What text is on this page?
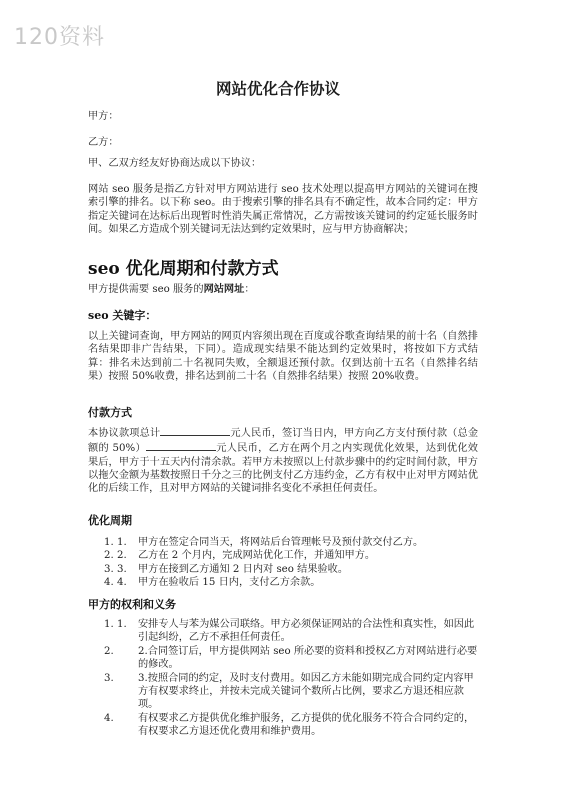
120资料
网站优化合作协议
甲方：
乙方：
甲、乙双方经友好协商达成以下协议：
网站 seo 服务是指乙方针对甲方网站进行 seo 技术处理以提高甲方网站的关键词在搜索引擎的排名。以下称 seo。由于搜索引擎的排名具有不确定性，故本合同约定：甲方指定关键词在达标后出现暂时性消失属正常情况，乙方需按该关键词的约定延长服务时间。如果乙方造成个别关键词无法达到约定效果时，应与甲方协商解决；
seo 优化周期和付款方式
甲方提供需要 seo 服务的网站网址：
seo 关键字：
以上关键词查询，甲方网站的网页内容须出现在百度或谷歌查询结果的前十名（自然排名结果即非广告结果，下同）。造成现实结果不能达到约定效果时，将按如下方式结算：排名未达到前二十名视同失败，全额退还预付款。仅到达前十五名（自然排名结果）按照 50%收费，排名达到前二十名（自然排名结果）按照 20%收费。
付款方式
本协议款项总计	元人民币，签订当日内，甲方向乙方支付预付款（总金额的 50%）	元人民币，乙方在两个月之内实现优化效果，达到优化效果后，甲方于十五天内付清余款。若甲方未按照以上付款步骤中的约定时间付款，甲方以拖欠金额为基数按照日千分之三的比例支付乙方违约金，乙方有权中止对甲方网站优化的后续工作，且对甲方网站的关键词排名变化不承担任何责任。
优化周期
1. 1. 甲方在签定合同当天，将网站后台管理帐号及预付款交付乙方。
2. 2. 乙方在 2 个月内，完成网站优化工作，并通知甲方。
3. 3. 甲方在接到乙方通知 2 日内对 seo 结果验收。
4. 4. 甲方在验收后 15 日内，支付乙方余款。
甲方的权利和义务
1. 1. 安排专人与苯为媒公司联络。甲方必须保证网站的合法性和真实性，如因此引起纠纷，乙方不承担任何责任。
2. 2.合同签订后，甲方提供网站 seo 所必要的资料和授权乙方对网站进行必要的修改。
3. 3.按照合同的约定，及时支付费用。如因乙方未能如期完成合同约定内容甲方有权要求终止，并按未完成关键词个数所占比例，要求乙方退还相应款项。
4. 有权要求乙方提供优化维护服务，乙方提供的优化服务不符合合同约定的，有权要求乙方退还优化费用和维护费用。
